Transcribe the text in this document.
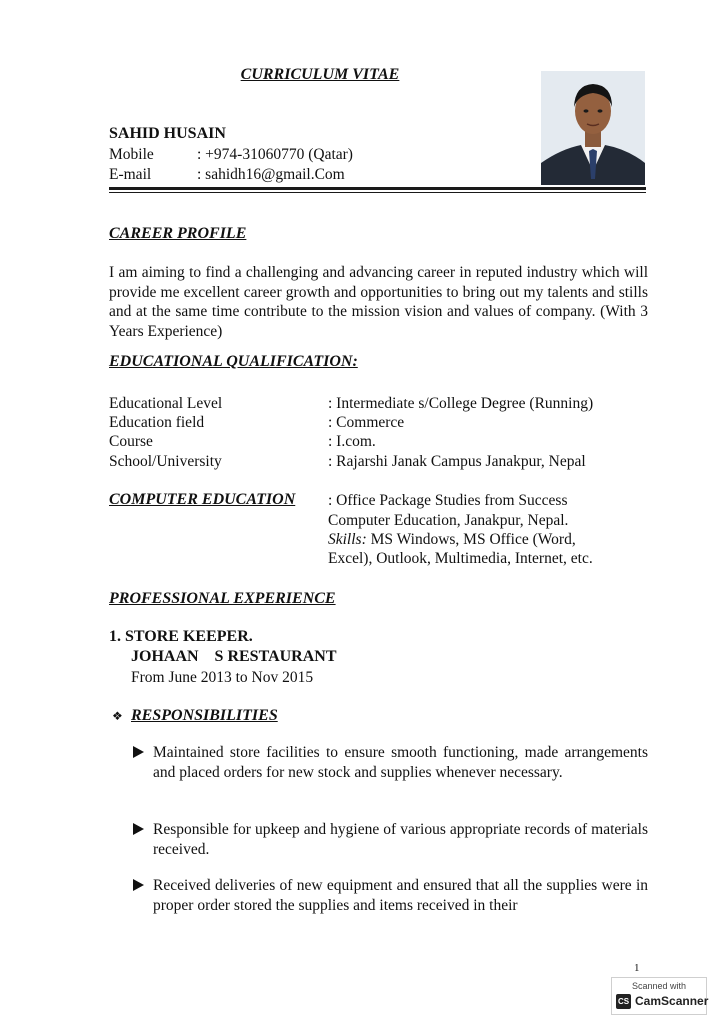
CURRICULUM VITAE
SAHID HUSAIN
Mobile	: +974-31060770 (Qatar)
E-mail	: sahidh16@gmail.Com
CAREER PROFILE
I am aiming to find a challenging and advancing career in reputed industry which will provide me excellent career growth and opportunities to bring out my talents and stills and at the same time contribute to the mission vision and values of company. (With 3 Years Experience)
EDUCATIONAL QUALIFICATION:
Educational Level	: Intermediate s/College Degree (Running)
Education field	: Commerce
Course	: I.com.
School/University	: Rajarshi Janak Campus Janakpur, Nepal
COMPUTER EDUCATION : Office Package Studies from Success
Computer Education, Janakpur, Nepal.
Skills: MS Windows, MS Office (Word,
Excel), Outlook, Multimedia, Internet, etc.
PROFESSIONAL EXPERIENCE
1. STORE KEEPER.
JOHAAN    S RESTAURANT
From June 2013 to Nov 2015
❖ RESPONSIBILITIES
Maintained store facilities to ensure smooth functioning, made arrangements and placed orders for new stock and supplies whenever necessary.
Responsible for upkeep and hygiene of various appropriate records of materials received.
Received deliveries of new equipment and ensured that all the supplies were in proper order stored the supplies and items received in their
1
Scanned with
CS CamScanner
